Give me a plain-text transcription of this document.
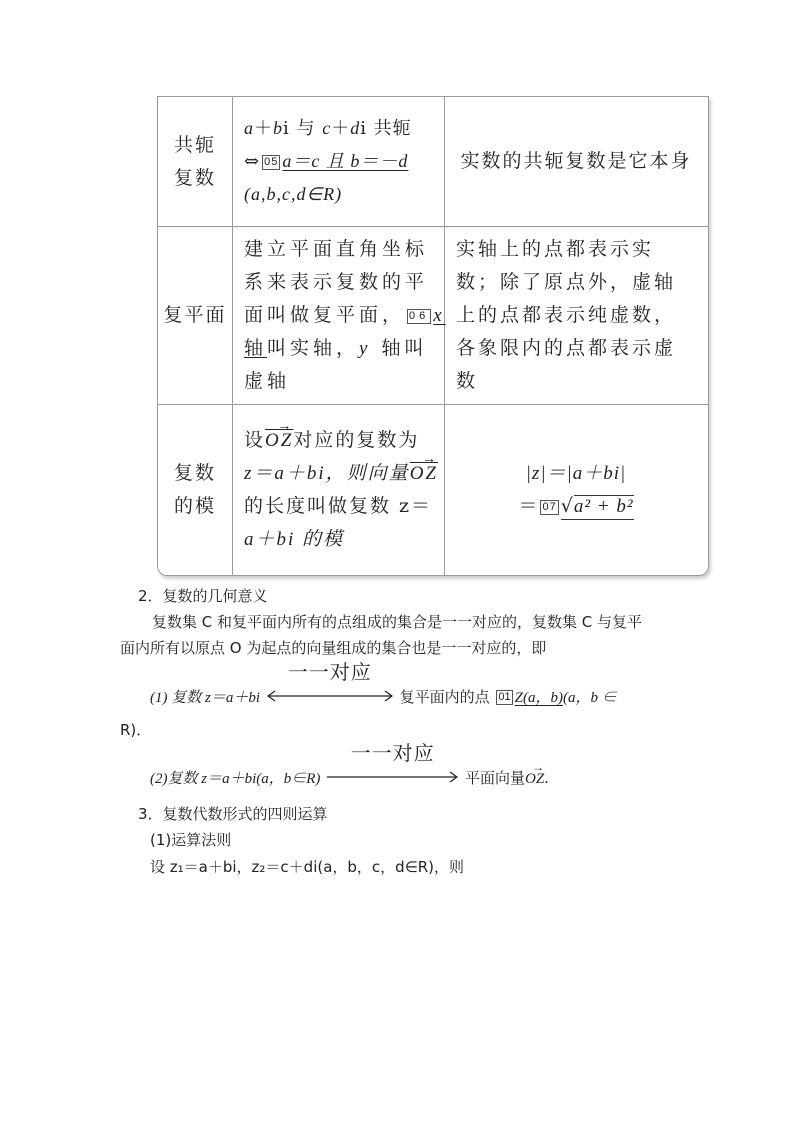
共轭
复数
a＋bi 与 c＋di 共轭
⇔ 05 a＝c 且 b＝－d
(a,b,c,d∈R)
实数的共轭复数是它本身
复平面
建立平面直角坐标
系来表示复数的平
面叫做复平面， 06 x
轴叫实轴，y 轴叫
虚轴
实轴上的点都表示实数；除了原点外，虚轴上的点都表示纯虚数，各象限内的点都表示虚数
复数
的模
设
→
$\overline{OZ}$对应的复数为
z＝a＋bi，则向量
→
$\overline{OZ}$
的长度叫做复数 z＝
a＋bi 的模
|z|＝|a＋bi|
＝ 07 √a² + b²
2．复数的几何意义
复数集 C 和复平面内所有的点组成的集合是一一对应的，复数集 C 与复平
面内所有以原点 O 为起点的向量组成的集合也是一一对应的，即
(1) 复数 z＝a＋bi
一一对应
复平面内的点 01 Z(a，b)(a，b ∈
R)．
(2)复数 z＝a＋bi(a，b∈R)
一一对应
平面向量
→
OZ.
3．复数代数形式的四则运算
(1)运算法则
设 z₁＝a＋bi，z₂＝c＋di(a，b，c，d∈R)，则
